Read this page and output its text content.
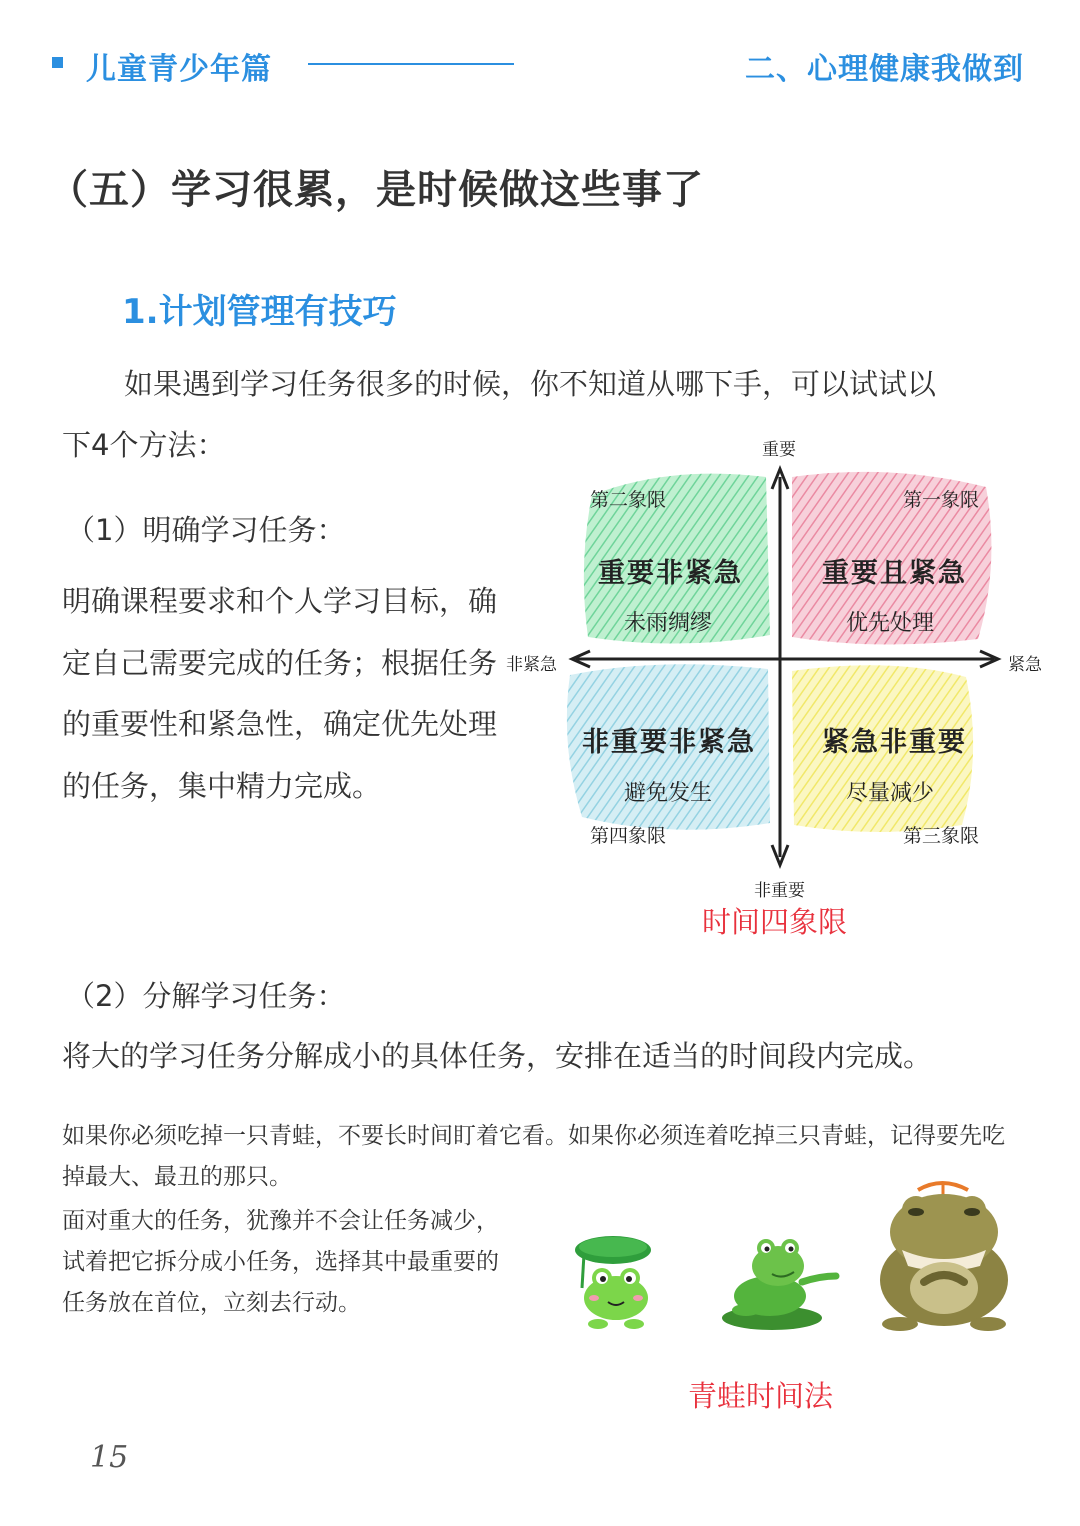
儿童青少年篇	二、心理健康我做到
（五）学习很累，是时候做这些事了
1.计划管理有技巧
如果遇到学习任务很多的时候，你不知道从哪下手，可以试试以
下4个方法：
（1）明确学习任务：
明确课程要求和个人学习目标，确定自己需要完成的任务；根据任务的重要性和紧急性，确定优先处理的任务，集中精力完成。
重要
非重要
非紧急	紧急
第二象限
重要非紧急
未雨绸缪
第一象限
重要且紧急
优先处理
非重要非紧急
避免发生
第四象限
紧急非重要
尽量减少
第三象限
时间四象限
（2）分解学习任务：
将大的学习任务分解成小的具体任务，安排在适当的时间段内完成。
如果你必须吃掉一只青蛙，不要长时间盯着它看。如果你必须连着吃掉三只青蛙，记得要先吃掉最大、最丑的那只。
面对重大的任务，犹豫并不会让任务减少，试着把它拆分成小任务，选择其中最重要的任务放在首位，立刻去行动。
青蛙时间法
15
